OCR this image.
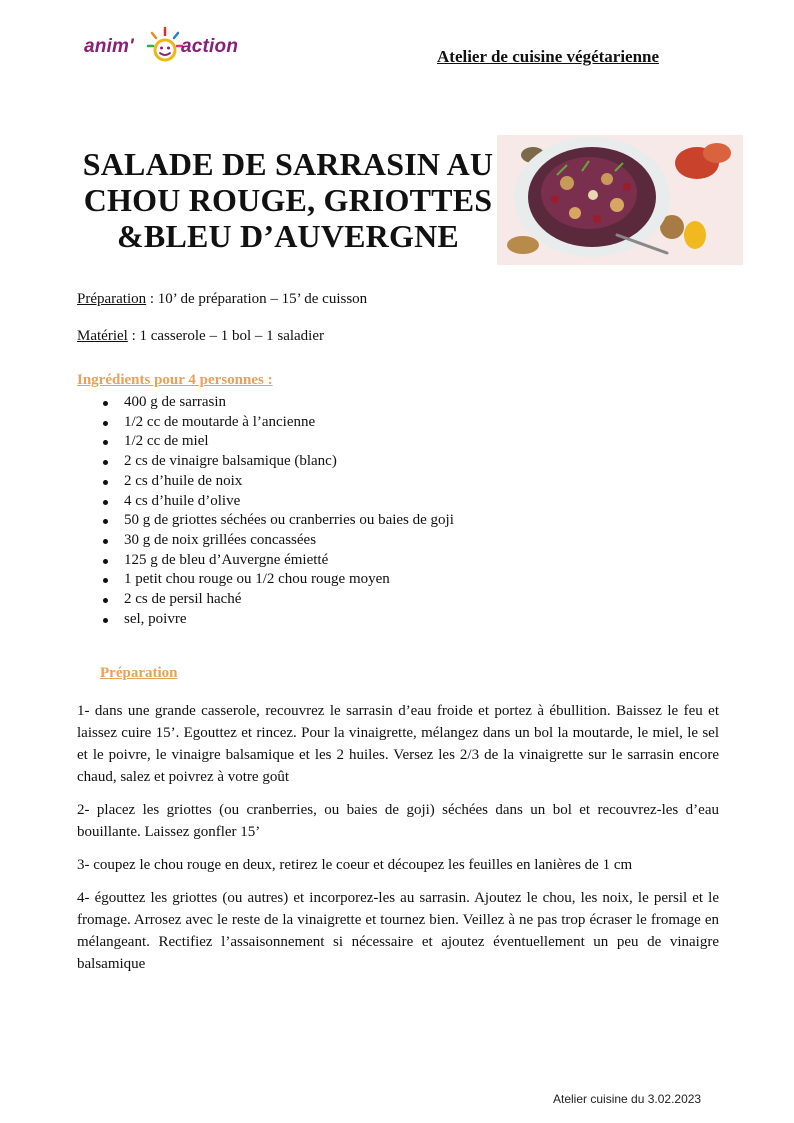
anim' action	Atelier de cuisine végétarienne
SALADE DE SARRASIN AU CHOU ROUGE, GRIOTTES &BLEU D’AUVERGNE
Préparation : 10’ de préparation – 15’ de cuisson
Matériel : 1 casserole – 1 bol – 1 saladier
Ingrédients pour 4 personnes :
400 g de sarrasin
1/2 cc de moutarde à l’ancienne
1/2 cc de miel
2 cs de vinaigre balsamique (blanc)
2 cs d’huile de noix
4 cs d’huile d’olive
50 g de griottes séchées ou cranberries ou baies de goji
30 g de noix grillées concassées
125 g de bleu d’Auvergne émietté
1 petit chou rouge ou 1/2 chou rouge moyen
2 cs de persil haché
sel, poivre
Préparation

1- dans une grande casserole, recouvrez le sarrasin d’eau froide et portez à ébullition. Baissez le feu et laissez cuire 15’. Egouttez et rincez. Pour la vinaigrette, mélangez dans un bol la moutarde, le miel, le sel et le poivre, le vinaigre balsamique et les 2 huiles. Versez les 2/3 de la vinaigrette sur le sarrasin encore chaud, salez et poivrez à votre goût

2- placez les griottes (ou cranberries, ou baies de goji) séchées dans un bol et recouvrez-les d’eau bouillante. Laissez gonfler 15’

3- coupez le chou rouge en deux, retirez le coeur et découpez les feuilles en lanières de 1 cm

4- égouttez les griottes (ou autres) et incorporez-les au sarrasin. Ajoutez le chou, les noix, le persil et le fromage. Arrosez avec le reste de la vinaigrette et tournez bien. Veillez à ne pas trop écraser le fromage en mélangeant. Rectifiez l’assaisonnement si nécessaire et ajoutez éventuellement un peu de vinaigre balsamique

Atelier cuisine du 3.02.2023
